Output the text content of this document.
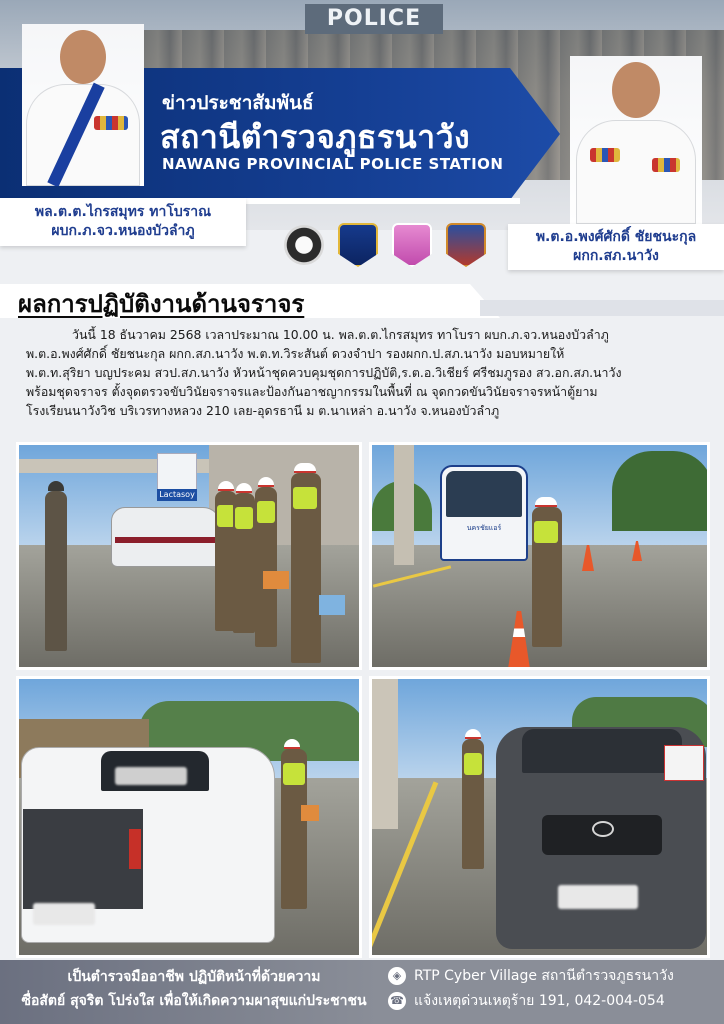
POLICE
ข่าวประชาสัมพันธ์
สถานีตำรวจภูธรนาวัง
NAWANG PROVINCIAL POLICE STATION
พล.ต.ต.ไกรสมุทร ทาโบราณ
ผบก.ภ.จว.หนองบัวลำภู	พ.ต.อ.พงศ์ศักดิ์ ชัยชนะกุล
ผกก.สภ.นาวัง
ผลการปฏิบัติงานด้านจราจร

วันนี้ 18 ธันวาคม 2568 เวลาประมาณ 10.00 น. พล.ต.ต.ไกรสมุทร ทาโบรา ผบก.ภ.จว.หนองบัวลำภู

พ.ต.อ.พงศ์ศักดิ์ ชัยชนะกุล ผกก.สภ.นาวัง พ.ต.ท.วิระสันต์ ดวงจำปา รองผกก.ป.สภ.นาวัง มอบหมายให้

พ.ต.ท.สุริยา บญประคม สวป.สภ.นาวัง หัวหน้าชุดควบคุมชุดการปฏิบัติ,ร.ต.อ.วิเชียร์ ศรีชมภูรอง สว.อก.สภ.นาวัง

พร้อมชุดจราจร ตั้งจุดตรวจขับวินัยจราจรและป้องกันอาชญากรรมในพื้นที่ ณ จุดกวดขันวินัยจราจรหน้าตู้ยาม

โรงเรียนนาวังวิช บริเวรทางหลวง 210 เลย-อุดรธานี ม ต.นาเหล่า อ.นาวัง จ.หนองบัวลำภู

Lactasoy
นครชัยแอร์
เป็นตำรวจมืออาชีพ ปฏิบัติหน้าที่ด้วยความ
ซื่อสัตย์ สุจริต โปร่งใส เพื่อให้เกิดความผาสุขแก่ประชาชน
◈ RTP Cyber Village สถานีตำรวจภูธรนาวัง
☎ แจ้งเหตุด่วนเหตุร้าย 191, 042-004-054
